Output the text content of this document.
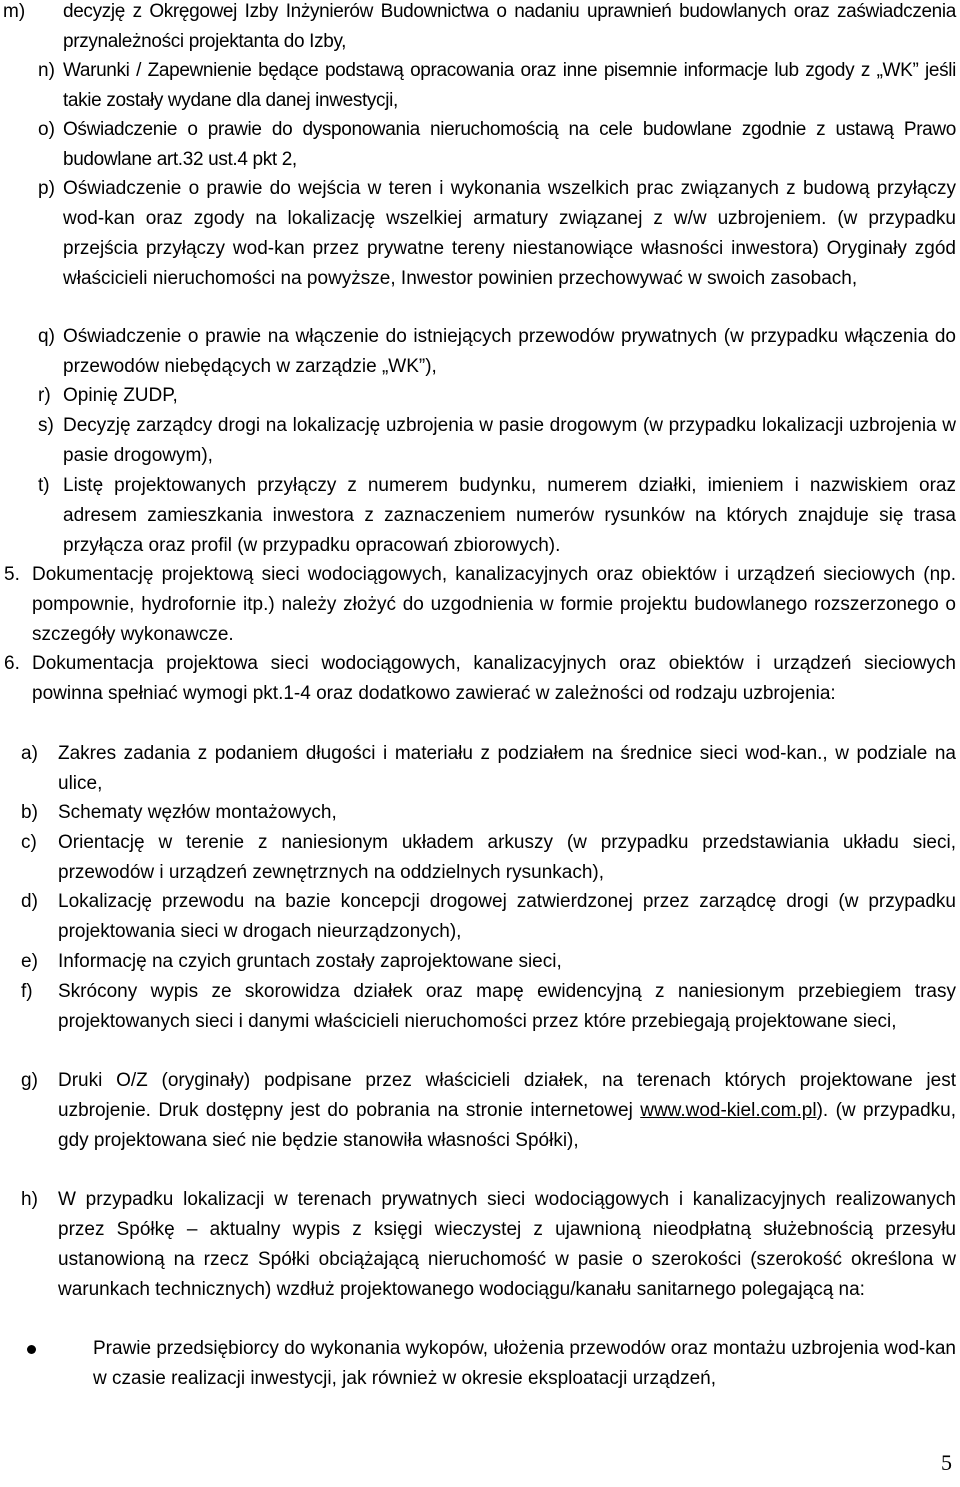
m) decyzję z Okręgowej Izby Inżynierów Budownictwa o nadaniu uprawnień budowlanych oraz zaświadczenia przynależności projektanta do Izby,
n) Warunki / Zapewnienie będące podstawą opracowania oraz inne pisemnie informacje lub zgody z „WK” jeśli takie zostały wydane dla danej inwestycji,
o) Oświadczenie o prawie do dysponowania nieruchomością na cele budowlane zgodnie z ustawą Prawo budowlane art.32 ust.4 pkt 2,
p) Oświadczenie o prawie do wejścia w teren i wykonania wszelkich prac związanych z budową przyłączy wod-kan oraz zgody na lokalizację wszelkiej armatury związanej z w/w uzbrojeniem. (w przypadku przejścia przyłączy wod-kan przez prywatne tereny niestanowiące własności inwestora) Oryginały zgód właścicieli nieruchomości na powyższe, Inwestor powinien przechowywać w swoich zasobach,
q) Oświadczenie o prawie na włączenie do istniejących przewodów prywatnych (w przypadku włączenia do przewodów niebędących w zarządzie „WK”),
r) Opinię ZUDP,
s) Decyzję zarządcy drogi na lokalizację uzbrojenia w pasie drogowym (w przypadku lokalizacji uzbrojenia w pasie drogowym),
t) Listę projektowanych przyłączy z numerem budynku, numerem działki, imieniem i nazwiskiem oraz adresem zamieszkania inwestora z zaznaczeniem numerów rysunków na których znajduje się trasa przyłącza oraz profil (w przypadku opracowań zbiorowych).
5. Dokumentację projektową sieci wodociągowych, kanalizacyjnych oraz obiektów i urządzeń sieciowych (np. pompownie, hydrofornie itp.) należy złożyć do uzgodnienia w formie projektu budowlanego rozszerzonego o szczegóły wykonawcze.
6. Dokumentacja projektowa sieci wodociągowych, kanalizacyjnych oraz obiektów i urządzeń sieciowych powinna spełniać wymogi pkt.1-4 oraz dodatkowo zawierać w zależności od rodzaju uzbrojenia:
a) Zakres zadania z podaniem długości i materiału z podziałem na średnice sieci wod-kan., w podziale na ulice,
b) Schematy węzłów montażowych,
c) Orientację w terenie z naniesionym układem arkuszy (w przypadku przedstawiania układu sieci, przewodów i urządzeń zewnętrznych na oddzielnych rysunkach),
d) Lokalizację przewodu na bazie koncepcji drogowej zatwierdzonej przez zarządcę drogi (w przypadku projektowania sieci w drogach nieurządzonych),
e) Informację na czyich gruntach zostały zaprojektowane sieci,
f) Skrócony wypis ze skorowidza działek oraz mapę ewidencyjną z naniesionym przebiegiem trasy projektowanych sieci i danymi właścicieli nieruchomości przez które przebiegają projektowane sieci,
g) Druki O/Z (oryginały) podpisane przez właścicieli działek, na terenach których projektowane jest uzbrojenie. Druk dostępny jest do pobrania na stronie internetowej www.wod-kiel.com.pl). (w przypadku, gdy projektowana sieć nie będzie stanowiła własności Spółki),
h) W przypadku lokalizacji w terenach prywatnych sieci wodociągowych i kanalizacyjnych realizowanych przez Spółkę – aktualny wypis z księgi wieczystej z ujawnioną nieodpłatną służebnością przesyłu ustanowioną na rzecz Spółki obciążającą nieruchomość w pasie o szerokości (szerokość określona w warunkach technicznych) wzdłuż projektowanego wodociągu/kanału sanitarnego polegającą na:
Prawie przedsiębiorcy do wykonania wykopów, ułożenia przewodów oraz montażu uzbrojenia wod-kan w czasie realizacji inwestycji, jak również w okresie eksploatacji urządzeń,
5
